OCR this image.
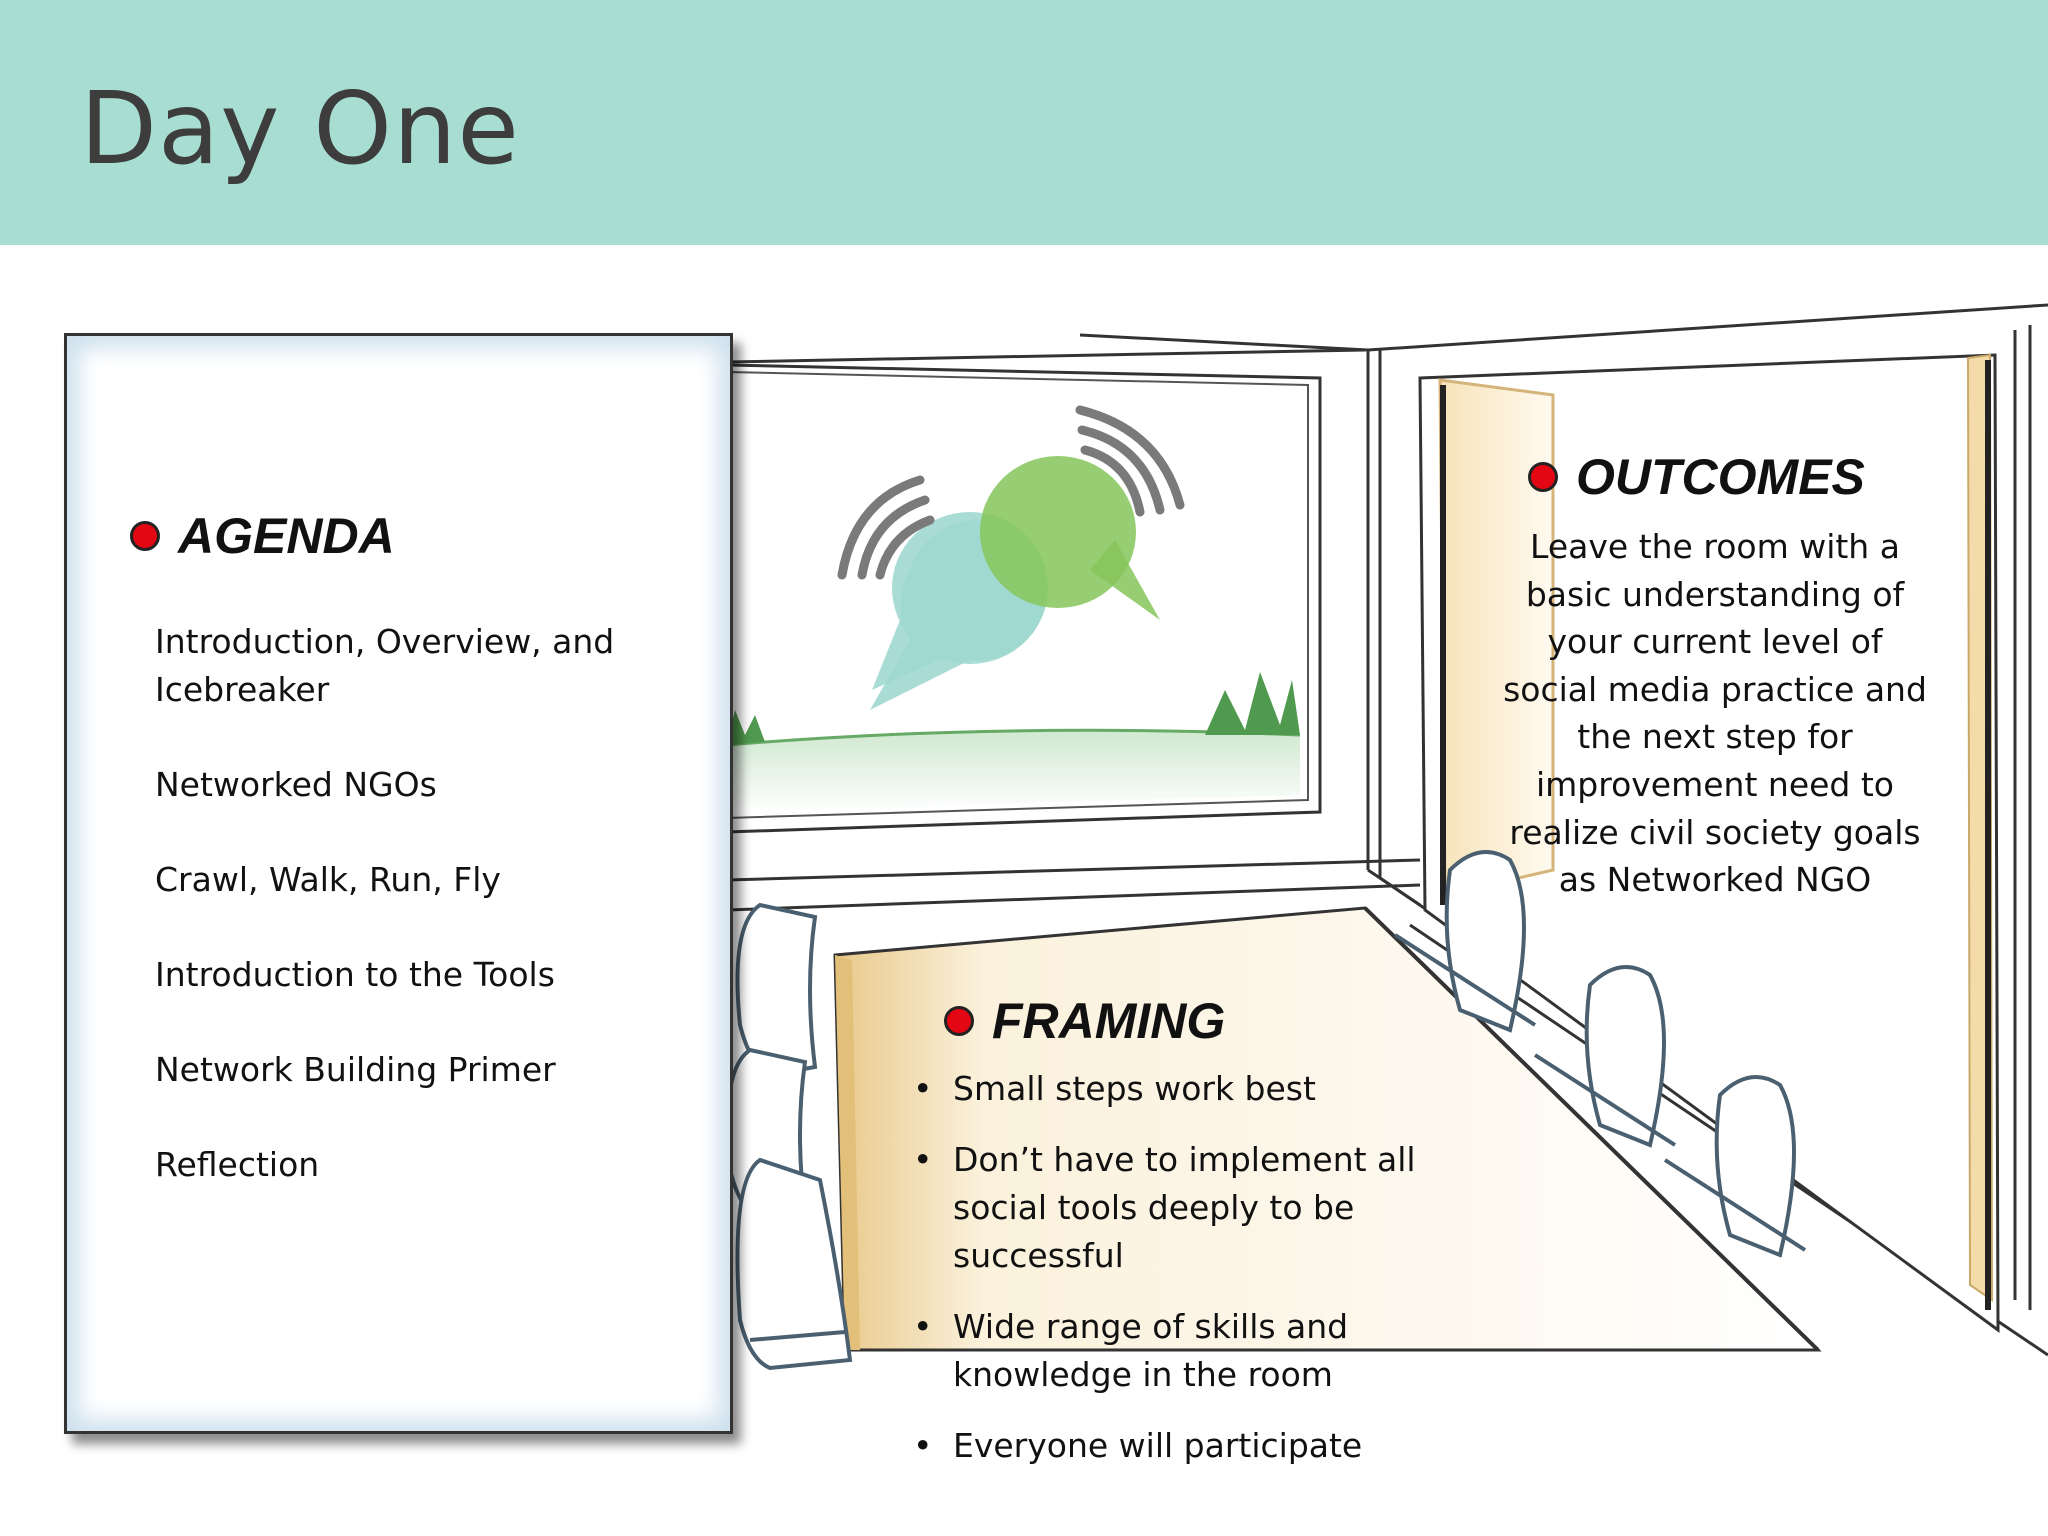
Day One
AGENDA
Introduction, Overview, and Icebreaker
Networked NGOs
Crawl, Walk, Run, Fly
Introduction to the Tools
Network Building Primer
Reflection
OUTCOMES
Leave the room with a basic understanding of your current level of social media practice and the next step for improvement need to realize civil society goals as Networked NGO
FRAMING
• Small steps work best
• Don’t have to implement all social tools deeply to be successful
• Wide range of skills and knowledge in the room
• Everyone will participate
